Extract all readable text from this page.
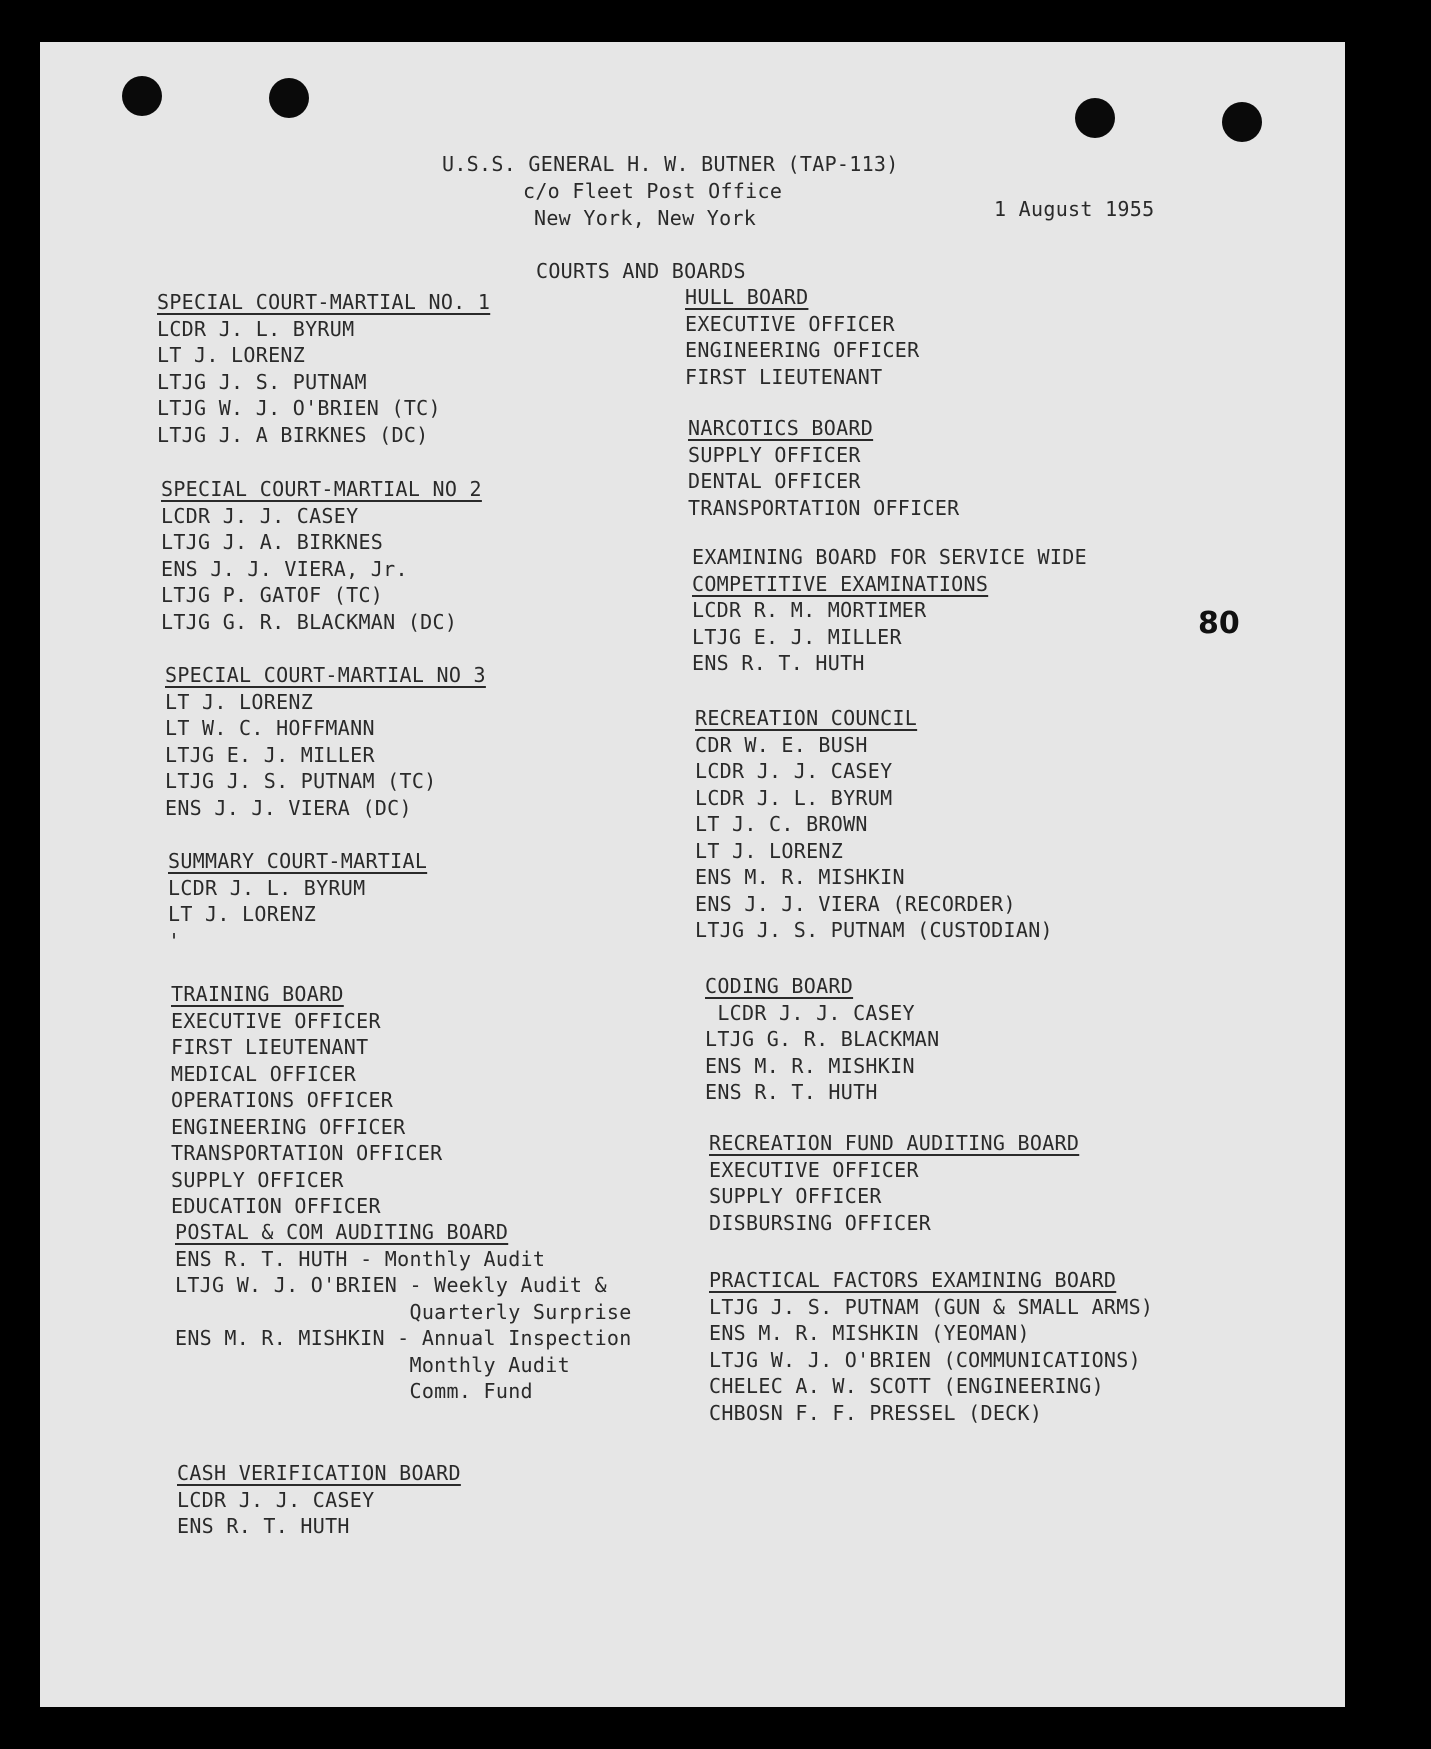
U.S.S. GENERAL H. W. BUTNER (TAP-113)
c/o Fleet Post Office
New York, New York	1 August 1955
COURTS AND BOARDS
80
SPECIAL COURT-MARTIAL NO. 1
LCDR J. L. BYRUM
LT J. LORENZ
LTJG J. S. PUTNAM
LTJG W. J. O'BRIEN (TC)
LTJG J. A BIRKNES (DC)
SPECIAL COURT-MARTIAL NO 2
LCDR J. J. CASEY
LTJG J. A. BIRKNES
ENS J. J. VIERA, Jr.
LTJG P. GATOF (TC)
LTJG G. R. BLACKMAN (DC)
SPECIAL COURT-MARTIAL NO 3
LT J. LORENZ
LT W. C. HOFFMANN
LTJG E. J. MILLER
LTJG J. S. PUTNAM (TC)
ENS J. J. VIERA (DC)
SUMMARY COURT-MARTIAL
LCDR J. L. BYRUM
LT J. LORENZ
'
TRAINING BOARD
EXECUTIVE OFFICER
FIRST LIEUTENANT
MEDICAL OFFICER
OPERATIONS OFFICER
ENGINEERING OFFICER
TRANSPORTATION OFFICER
SUPPLY OFFICER
EDUCATION OFFICER
POSTAL & COM AUDITING BOARD
ENS R. T. HUTH - Monthly Audit
LTJG W. J. O'BRIEN - Weekly Audit &
Quarterly Surprise
ENS M. R. MISHKIN - Annual Inspection
Monthly Audit
Comm. Fund
CASH VERIFICATION BOARD
LCDR J. J. CASEY
ENS R. T. HUTH
HULL BOARD
EXECUTIVE OFFICER
ENGINEERING OFFICER
FIRST LIEUTENANT
NARCOTICS BOARD
SUPPLY OFFICER
DENTAL OFFICER
TRANSPORTATION OFFICER
EXAMINING BOARD FOR SERVICE WIDE
COMPETITIVE EXAMINATIONS
LCDR R. M. MORTIMER
LTJG E. J. MILLER
ENS R. T. HUTH
RECREATION COUNCIL
CDR W. E. BUSH
LCDR J. J. CASEY
LCDR J. L. BYRUM
LT J. C. BROWN
LT J. LORENZ
ENS M. R. MISHKIN
ENS J. J. VIERA (RECORDER)
LTJG J. S. PUTNAM (CUSTODIAN)
CODING BOARD
LCDR J. J. CASEY
LTJG G. R. BLACKMAN
ENS M. R. MISHKIN
ENS R. T. HUTH
RECREATION FUND AUDITING BOARD
EXECUTIVE OFFICER
SUPPLY OFFICER
DISBURSING OFFICER
PRACTICAL FACTORS EXAMINING BOARD
LTJG J. S. PUTNAM (GUN & SMALL ARMS)
ENS M. R. MISHKIN (YEOMAN)
LTJG W. J. O'BRIEN (COMMUNICATIONS)
CHELEC A. W. SCOTT (ENGINEERING)
CHBOSN F. F. PRESSEL (DECK)
